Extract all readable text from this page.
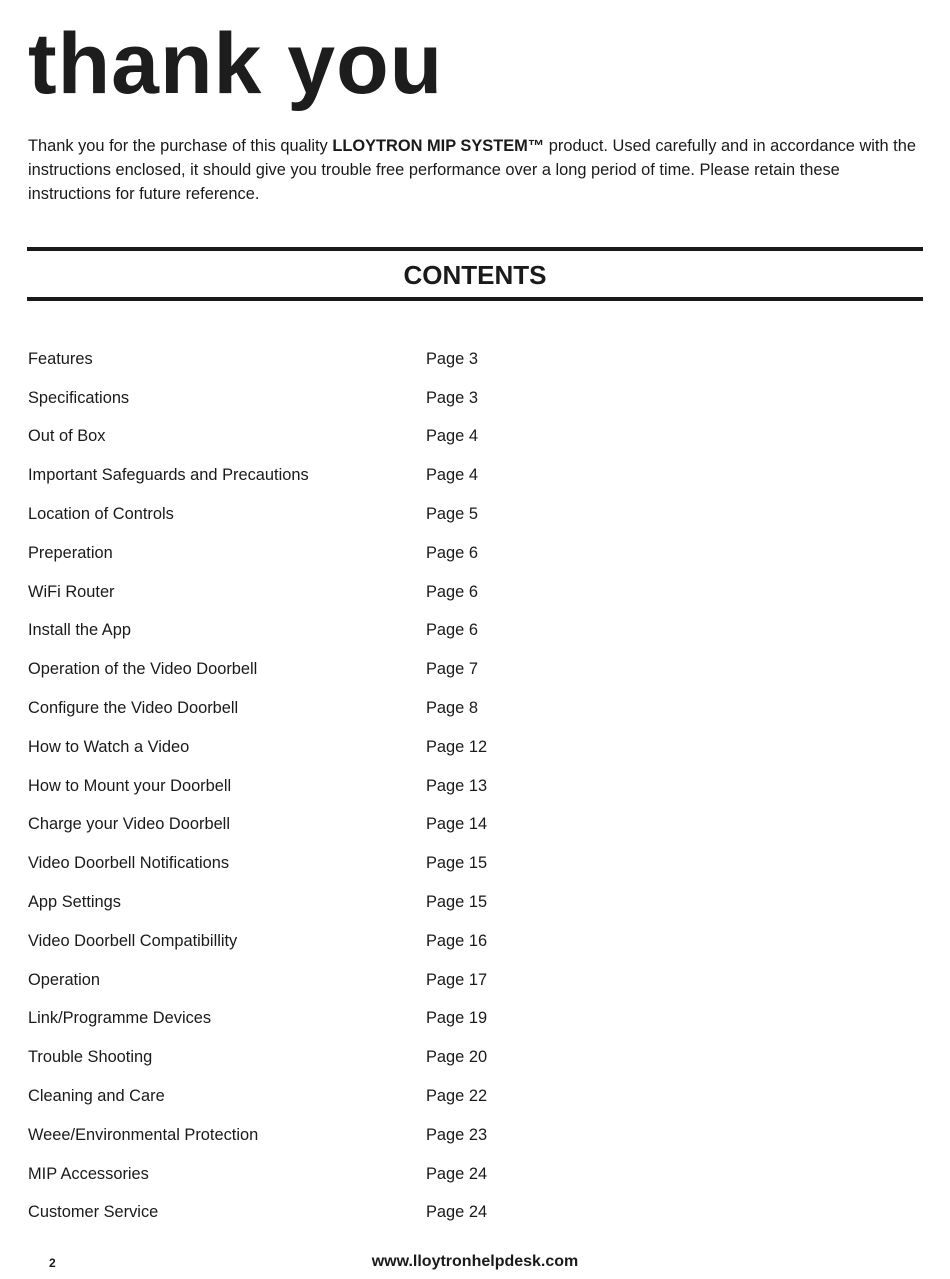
thank you

Thank you for the purchase of this quality LLOYTRON MIP SYSTEM™ product. Used carefully and in accordance with the instructions enclosed, it should give you trouble free performance over a long period of time. Please retain these instructions for future reference.

CONTENTS
Features	Page 3
Specifications	Page 3
Out of Box	Page 4
Important Safeguards and Precautions	Page 4
Location of Controls	Page 5
Preperation	Page 6
WiFi Router	Page 6
Install the App	Page 6
Operation of the Video Doorbell	Page 7
Configure the Video Doorbell	Page 8
How to Watch a Video	Page 12
How to Mount your Doorbell	Page 13
Charge your Video Doorbell	Page 14
Video Doorbell Notifications	Page 15
App Settings	Page 15
Video Doorbell Compatibillity	Page 16
Operation	Page 17
Link/Programme Devices	Page 19
Trouble Shooting	Page 20
Cleaning and Care	Page 22
Weee/Environmental Protection	Page 23
MIP Accessories	Page 24
Customer Service	Page 24
2	www.lloytronhelpdesk.com
